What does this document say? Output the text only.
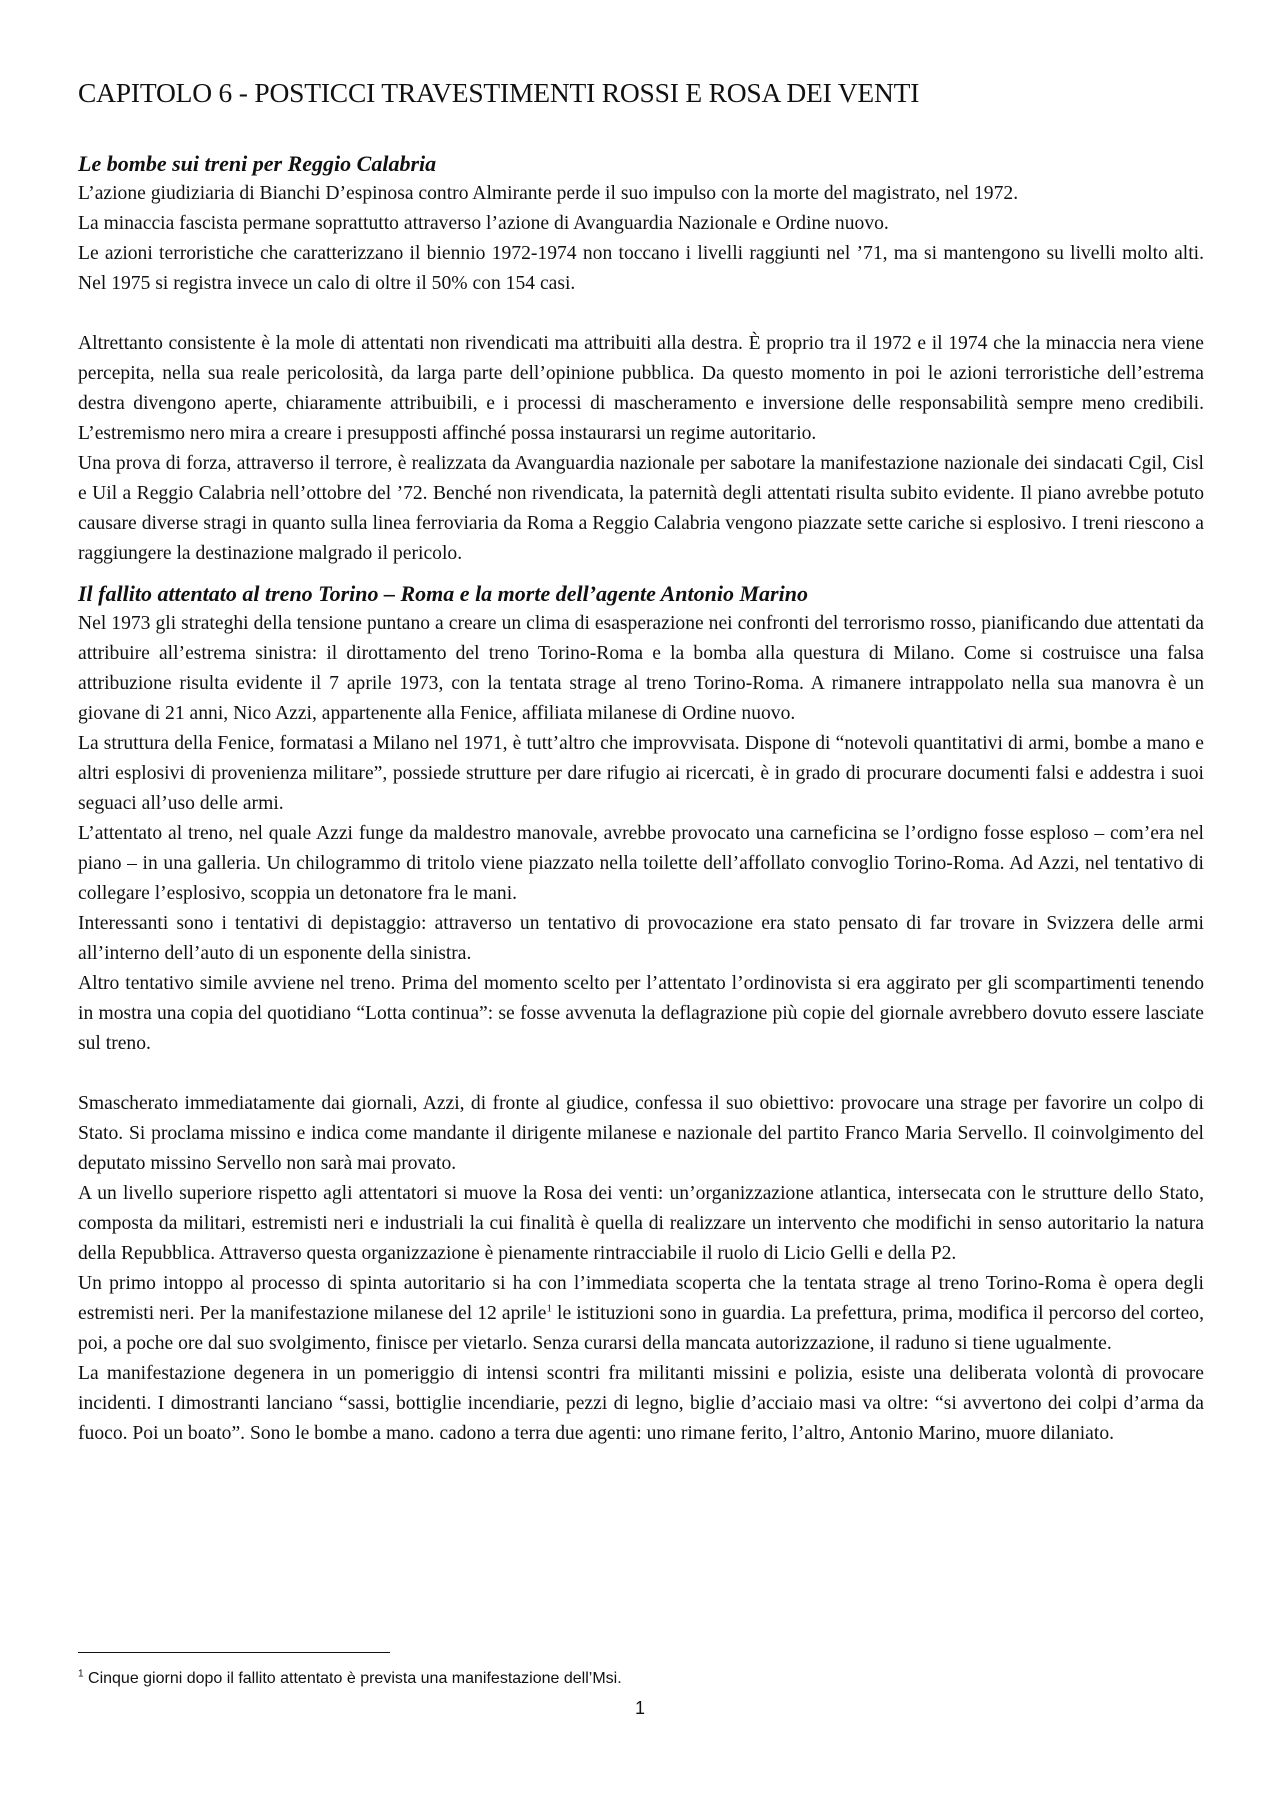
CAPITOLO 6 - POSTICCI TRAVESTIMENTI ROSSI E ROSA DEI VENTI
Le bombe sui treni per Reggio Calabria

L’azione giudiziaria di Bianchi D’espinosa contro Almirante perde il suo impulso con la morte del magistrato, nel 1972.

La minaccia fascista permane soprattutto attraverso l’azione di Avanguardia Nazionale e Ordine nuovo.

Le azioni terroristiche che caratterizzano il biennio 1972-1974 non toccano i livelli raggiunti nel ’71, ma si mantengono su livelli molto alti. Nel 1975 si registra invece un calo di oltre il 50% con 154 casi.

Altrettanto consistente è la mole di attentati non rivendicati ma attribuiti alla destra. È proprio tra il 1972 e il 1974 che la minaccia nera viene percepita, nella sua reale pericolosità, da larga parte dell’opinione pubblica. Da questo momento in poi le azioni terroristiche dell’estrema destra divengono aperte, chiaramente attribuibili, e i processi di mascheramento e inversione delle responsabilità sempre meno credibili. L’estremismo nero mira a creare i presupposti affinché possa instaurarsi un regime autoritario.

Una prova di forza, attraverso il terrore, è realizzata da Avanguardia nazionale per sabotare la manifestazione nazionale dei sindacati Cgil, Cisl e Uil a Reggio Calabria nell’ottobre del ’72. Benché non rivendicata, la paternità degli attentati risulta subito evidente. Il piano avrebbe potuto causare diverse stragi in quanto sulla linea ferroviaria da Roma a Reggio Calabria vengono piazzate sette cariche si esplosivo. I treni riescono a raggiungere la destinazione malgrado il pericolo.

Il fallito attentato al treno Torino – Roma e la morte dell’agente Antonio Marino

Nel 1973 gli strateghi della tensione puntano a creare un clima di esasperazione nei confronti del terrorismo rosso, pianificando due attentati da attribuire all’estrema sinistra: il dirottamento del treno Torino-Roma e la bomba alla questura di Milano. Come si costruisce una falsa attribuzione risulta evidente il 7 aprile 1973, con la tentata strage al treno Torino-Roma. A rimanere intrappolato nella sua manovra è un giovane di 21 anni, Nico Azzi, appartenente alla Fenice, affiliata milanese di Ordine nuovo.

La struttura della Fenice, formatasi a Milano nel 1971, è tutt’altro che improvvisata. Dispone di “notevoli quantitativi di armi, bombe a mano e altri esplosivi di provenienza militare”, possiede strutture per dare rifugio ai ricercati, è in grado di procurare documenti falsi e addestra i suoi seguaci all’uso delle armi.

L’attentato al treno, nel quale Azzi funge da maldestro manovale, avrebbe provocato una carneficina se l’ordigno fosse esploso – com’era nel piano – in una galleria. Un chilogrammo di tritolo viene piazzato nella toilette dell’affollato convoglio Torino-Roma. Ad Azzi, nel tentativo di collegare l’esplosivo, scoppia un detonatore fra le mani.

Interessanti sono i tentativi di depistaggio: attraverso un tentativo di provocazione era stato pensato di far trovare in Svizzera delle armi all’interno dell’auto di un esponente della sinistra.

Altro tentativo simile avviene nel treno. Prima del momento scelto per l’attentato l’ordinovista si era aggirato per gli scompartimenti tenendo in mostra una copia del quotidiano “Lotta continua”: se fosse avvenuta la deflagrazione più copie del giornale avrebbero dovuto essere lasciate sul treno.

Smascherato immediatamente dai giornali, Azzi, di fronte al giudice, confessa il suo obiettivo: provocare una strage per favorire un colpo di Stato. Si proclama missino e indica come mandante il dirigente milanese e nazionale del partito Franco Maria Servello. Il coinvolgimento del deputato missino Servello non sarà mai provato.

A un livello superiore rispetto agli attentatori si muove la Rosa dei venti: un’organizzazione atlantica, intersecata con le strutture dello Stato, composta da militari, estremisti neri e industriali la cui finalità è quella di realizzare un intervento che modifichi in senso autoritario la natura della Repubblica. Attraverso questa organizzazione è pienamente rintracciabile il ruolo di Licio Gelli e della P2.

Un primo intoppo al processo di spinta autoritario si ha con l’immediata scoperta che la tentata strage al treno Torino-Roma è opera degli estremisti neri. Per la manifestazione milanese del 12 aprile$^1$ le istituzioni sono in guardia. La prefettura, prima, modifica il percorso del corteo, poi, a poche ore dal suo svolgimento, finisce per vietarlo. Senza curarsi della mancata autorizzazione, il raduno si tiene ugualmente.

La manifestazione degenera in un pomeriggio di intensi scontri fra militanti missini e polizia, esiste una deliberata volontà di provocare incidenti. I dimostranti lanciano “sassi, bottiglie incendiarie, pezzi di legno, biglie d’acciaio masi va oltre: “si avvertono dei colpi d’arma da fuoco. Poi un boato”. Sono le bombe a mano. cadono a terra due agenti: uno rimane ferito, l’altro, Antonio Marino, muore dilaniato.

$^1$ Cinque giorni dopo il fallito attentato è prevista una manifestazione dell’Msi.
1
